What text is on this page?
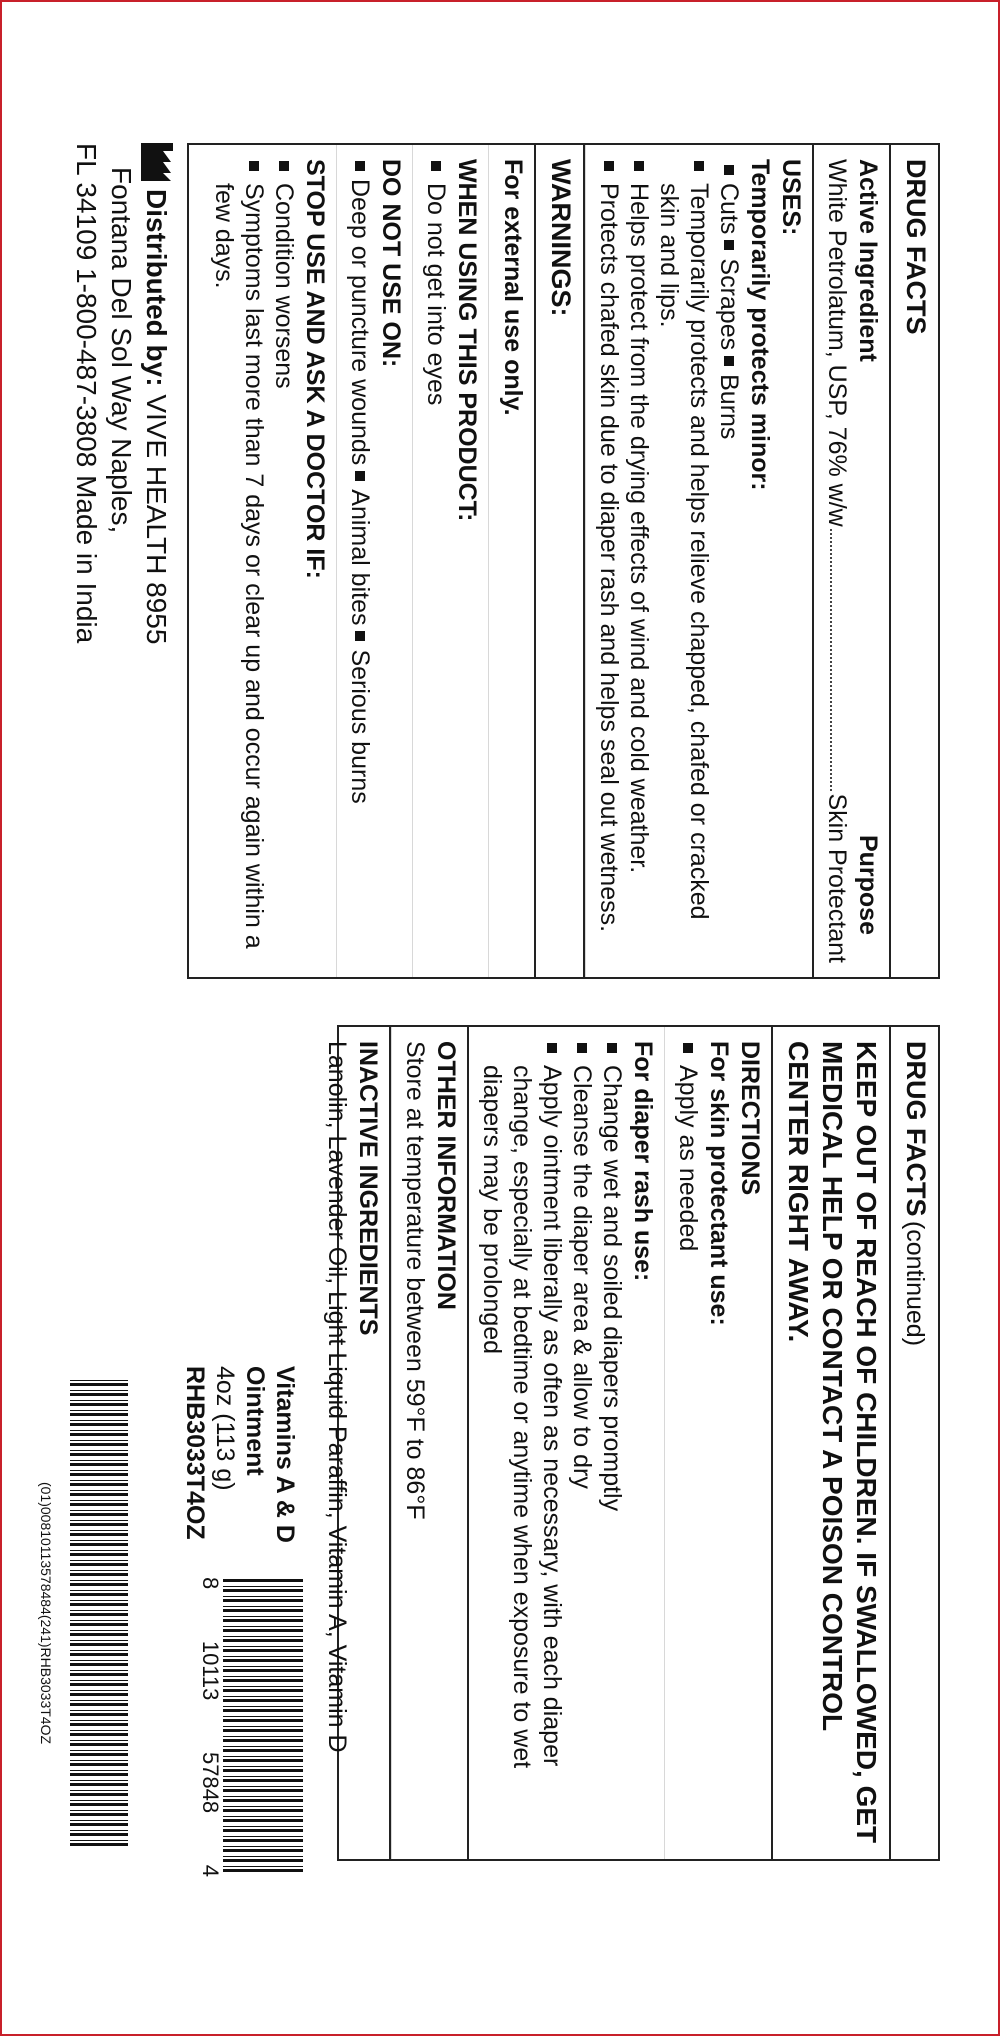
DRUG FACTS
Active Ingredient
Purpose
White Petrolatum, USP, 76% w/w
Skin Protectant
USES:
Temporarily protects minor:
CutsScrapesBurns
Temporarily protects and helps relieve chapped, chafed or cracked skin and lips.
Helps protect from the drying effects of wind and cold weather.
Protects chafed skin due to diaper rash and helps seal out wetness.
WARNINGS:
For external use only.
WHEN USING THIS PRODUCT:
Do not get into eyes
DO NOT USE ON:
Deep or puncture woundsAnimal bitesSerious burns
STOP USE AND ASK A DOCTOR IF:
Condition worsens
Symptoms last more than 7 days or clear up and occur again within a few days.
Distributed by: VIVE HEALTH 8955
Fontana Del Sol Way Naples,
FL 34109 1-800-487-3808 Made in India
DRUG FACTS (continued)
KEEP OUT OF REACH OF CHILDREN. IF SWALLOWED, GET MEDICAL HELP OR CONTACT A POISON CONTROL CENTER RIGHT AWAY.
DIRECTIONS
For skin protectant use:
Apply as needed
For diaper rash use:
Change wet and soiled diapers promptly
Cleanse the diaper area & allow to dry
Apply ointment liberally as often as necessary, with each diaper change, especially at bedtime or anytime when exposure to wet diapers may be prolonged
OTHER INFORMATION
Store at temperature between 59°F to 86°F
INACTIVE INGREDIENTS
Lanolin, Lavender Oil, Light Liquid Paraffin, Vitamin A, Vitamin D
Vitamins A & D
Ointment
4oz (113 g)
RHB3033T4OZ
8
10113
57848
4
(01)00810113578484(241)RHB3033T4OZ
